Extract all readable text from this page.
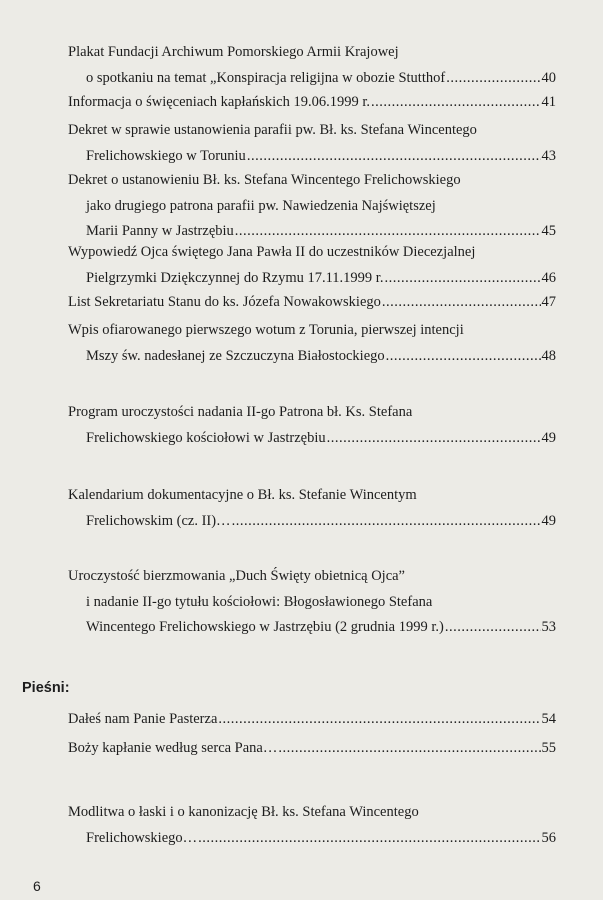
Plakat Fundacji Archiwum Pomorskiego Armii Krajowej
o spotkaniu na temat „Konspiracja religijna w obozie Stutthof .....	40
Informacja o święceniach kapłańskich 19.06.1999 r. .....	41
Dekret w sprawie ustanowienia parafii pw. Bł. ks. Stefana Wincentego
Frelichowskiego w Toruniu .....	43
Dekret o ustanowieniu Bł. ks. Stefana Wincentego Frelichowskiego
jako drugiego patrona parafii pw. Nawiedzenia Najświętszej
Marii Panny w Jastrzębiu .....	45
Wypowiedź Ojca świętego Jana Pawła II do uczestników Diecezjalnej
Pielgrzymki Dziękczynnej do Rzymu 17.11.1999 r. .....	46
List Sekretariatu Stanu do ks. Józefa Nowakowskiego .....	47
Wpis ofiarowanego pierwszego wotum z Torunia, pierwszej intencji
Mszy św. nadesłanej ze Szczuczyna Białostockiego .....	48
Program uroczystości nadania II-go Patrona bł. Ks. Stefana
Frelichowskiego kościołowi w Jastrzębiu .....	49
Kalendarium dokumentacyjne o Bł. ks. Stefanie Wincentym
Frelichowskim (cz. II)… .....	49
Uroczystość bierzmowania „Duch Święty obietnicą Ojca”
i nadanie II-go tytułu kościołowi: Błogosławionego Stefana
Wincentego Frelichowskiego w Jastrzębiu (2 grudnia 1999 r.) .....	53
Pieśni:
Dałeś nam Panie Pasterza .....	54
Boży kapłanie według serca Pana… .....	55
Modlitwa o łaski i o kanonizację Bł. ks. Stefana Wincentego
Frelichowskiego… .....	56
6
